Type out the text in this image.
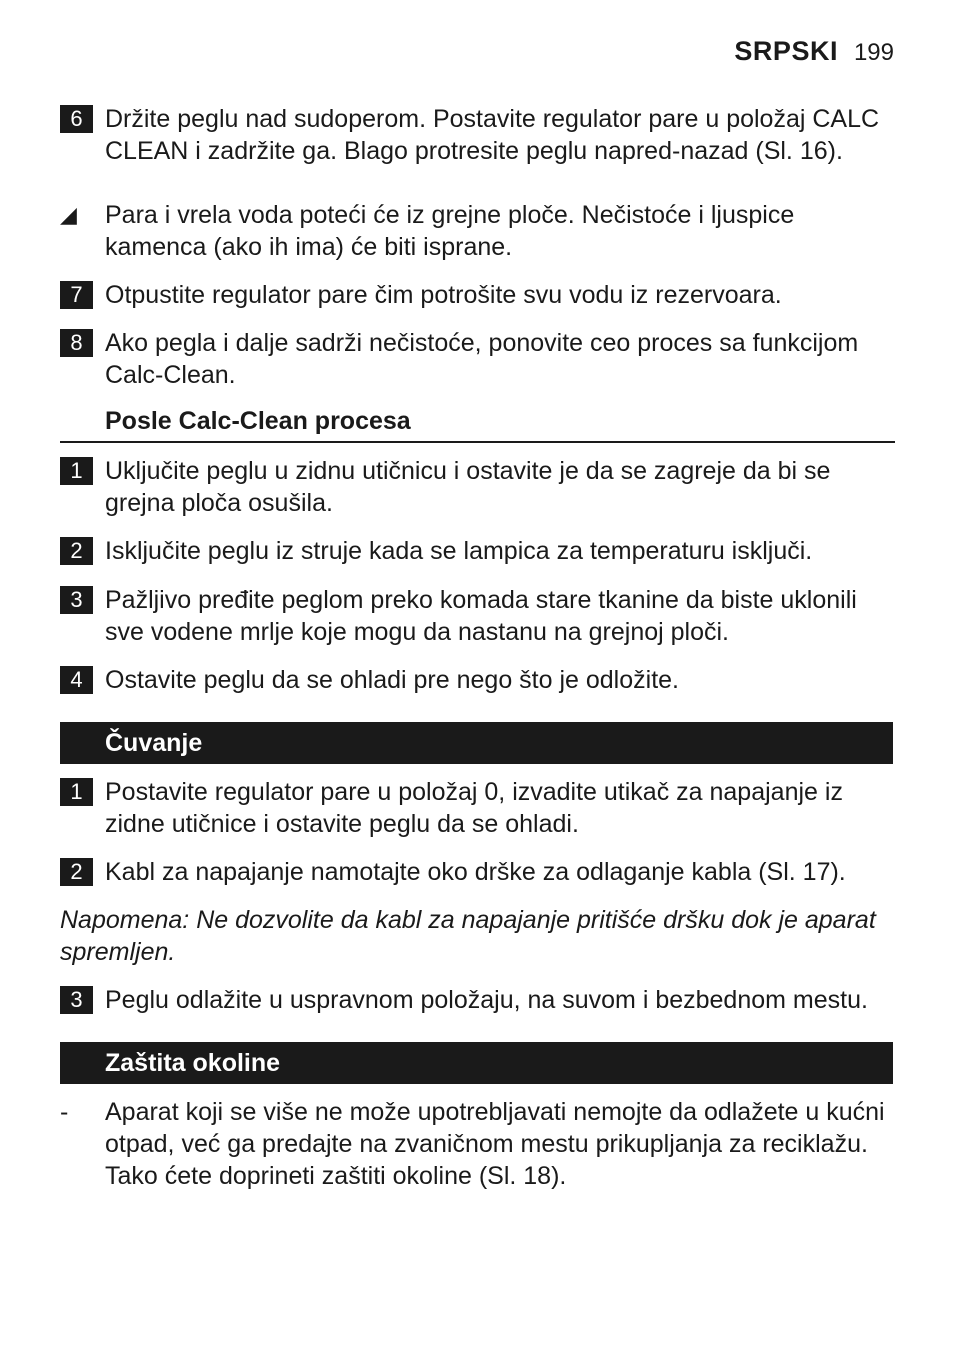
SRPSKI 199
6 Držite peglu nad sudoperom. Postavite regulator pare u položaj CALC CLEAN i zadržite ga. Blago protresite peglu napred-nazad (Sl. 16).
◢ Para i vrela voda poteći će iz grejne ploče. Nečistoće i ljuspice kamenca (ako ih ima) će biti isprane.
7 Otpustite regulator pare čim potrošite svu vodu iz rezervoara.
8 Ako pegla i dalje sadrži nečistoće, ponovite ceo proces sa funkcijom Calc-Clean.
Posle Calc-Clean procesa
1 Uključite peglu u zidnu utičnicu i ostavite je da se zagreje da bi se grejna ploča osušila.
2 Isključite peglu iz struje kada se lampica za temperaturu isključi.
3 Pažljivo pređite peglom preko komada stare tkanine da biste uklonili sve vodene mrlje koje mogu da nastanu na grejnoj ploči.
4 Ostavite peglu da se ohladi pre nego što je odložite.
Čuvanje
1 Postavite regulator pare u položaj 0, izvadite utikač za napajanje iz zidne utičnice i ostavite peglu da se ohladi.
2 Kabl za napajanje namotajte oko drške za odlaganje kabla (Sl. 17).
Napomena: Ne dozvolite da kabl za napajanje pritišće dršku dok je aparat spremljen.
3 Peglu odlažite u uspravnom položaju, na suvom i bezbednom mestu.
Zaštita okoline
- Aparat koji se više ne može upotrebljavati nemojte da odlažete u kućni otpad, već ga predajte na zvaničnom mestu prikupljanja za reciklažu. Tako ćete doprineti zaštiti okoline (Sl. 18).
